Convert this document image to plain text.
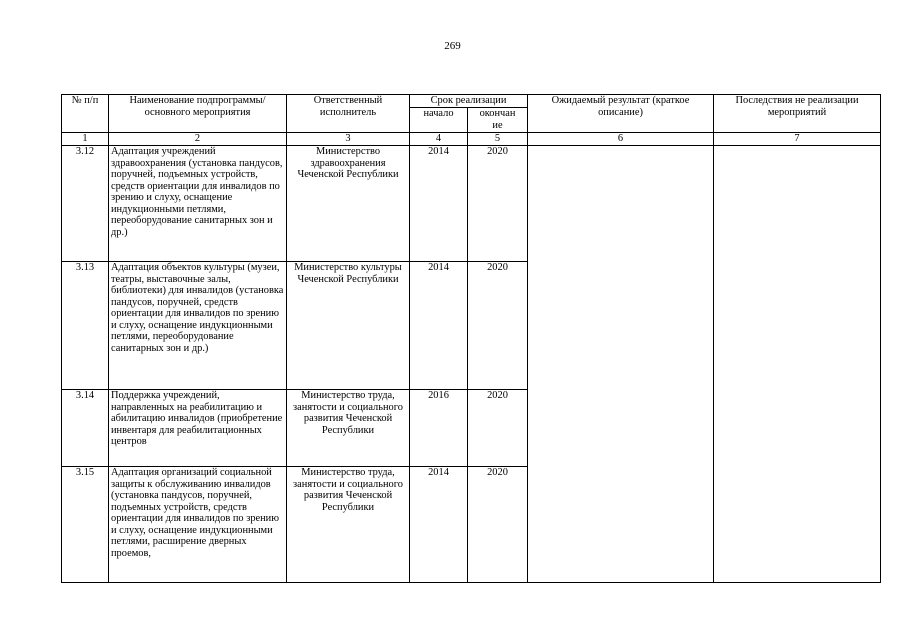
269
№ п/п	Наименование подпрограммы/ основного мероприятия	Ответственный исполнитель	Срок реализации		Ожидаемый результат (краткое описание)	Последствия не реализации мероприятий
			начало	окончан
ие		

1	2	3	4	5	6	7
3.12	Адаптация учреждений здравоохранения (установка пандусов, поручней, подъемных устройств, средств ориентации для инвалидов по зрению и слуху, оснащение индукционными петлями, переоборудование санитарных зон и др.)	Министерство здравоохранения Чеченской Республики	2014	2020		
3.13	Адаптация объектов культуры (музеи, театры, выставочные залы, библиотеки) для инвалидов (установка пандусов, поручней, средств ориентации для инвалидов по зрению и слуху, оснащение индукционными петлями, переоборудование санитарных зон и др.)	Министерство культуры Чеченской Республики	2014	2020		
3.14	Поддержка учреждений, направленных на реабилитацию и абилитацию инвалидов (приобретение инвентаря для реабилитационных центров	Министерство труда, занятости и социального развития Чеченской Республики	2016	2020		
3.15	Адаптация организаций социальной защиты к обслуживанию инвалидов (установка пандусов, поручней, подъемных устройств, средств ориентации для инвалидов по зрению и слуху, оснащение индукционными петлями, расширение дверных проемов,	Министерство труда, занятости и социального развития Чеченской Республики	2014	2020		
